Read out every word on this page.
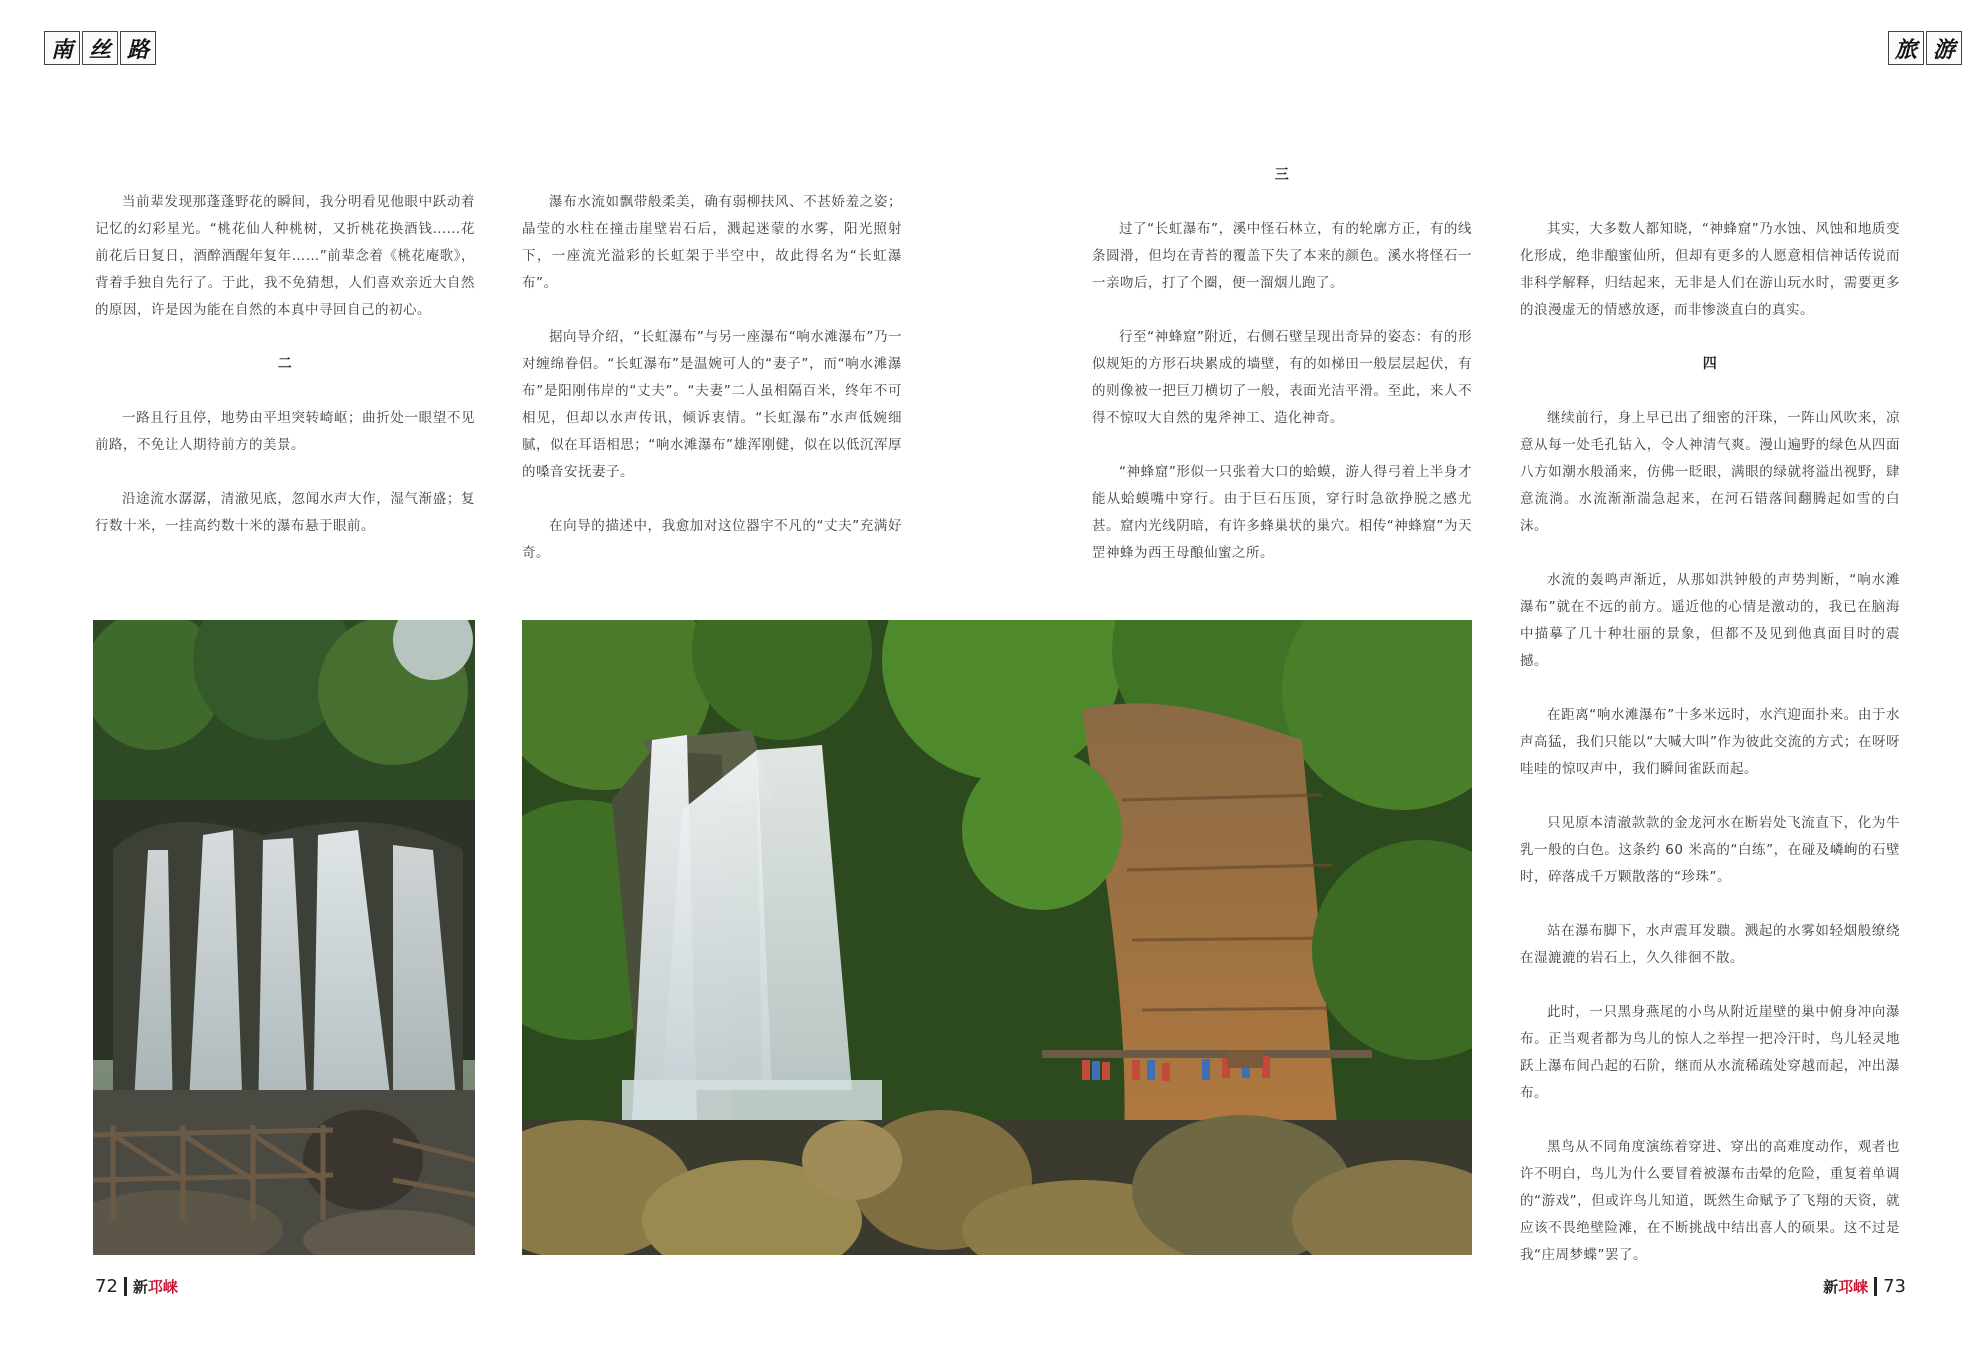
南 丝 路	旅 游

当前辈发现那蓬蓬野花的瞬间，我分明看见他眼中跃动着记忆的幻彩星光。“桃花仙人种桃树，又折桃花换酒钱……花前花后日复日，酒醉酒醒年复年……”前辈念着《桃花庵歌》，背着手独自先行了。于此，我不免猜想，人们喜欢亲近大自然的原因，许是因为能在自然的本真中寻回自己的初心。

二

一路且行且停，地势由平坦突转崎岖；曲折处一眼望不见前路，不免让人期待前方的美景。

沿途流水潺潺，清澈见底，忽闻水声大作，湿气渐盛；复行数十米，一挂高约数十米的瀑布悬于眼前。

瀑布水流如飘带般柔美，确有弱柳扶风、不甚娇羞之姿；晶莹的水柱在撞击崖壁岩石后，溅起迷蒙的水雾，阳光照射下，一座流光溢彩的长虹架于半空中，故此得名为“长虹瀑布”。

据向导介绍，“长虹瀑布”与另一座瀑布“响水滩瀑布”乃一对缠绵眷侣。“长虹瀑布”是温婉可人的“妻子”，而“响水滩瀑布”是阳刚伟岸的“丈夫”。“夫妻”二人虽相隔百米，终年不可相见，但却以水声传讯，倾诉衷情。“长虹瀑布”水声低婉细腻，似在耳语相思；“响水滩瀑布”雄浑刚健，似在以低沉浑厚的嗓音安抚妻子。

在向导的描述中，我愈加对这位器宇不凡的“丈夫”充满好奇。

三

过了“长虹瀑布”，溪中怪石林立，有的轮廓方正，有的线条圆滑，但均在青苔的覆盖下失了本来的颜色。溪水将怪石一一亲吻后，打了个圈，便一溜烟儿跑了。

行至“神蜂窟”附近，右侧石壁呈现出奇异的姿态：有的形似规矩的方形石块累成的墙壁，有的如梯田一般层层起伏，有的则像被一把巨刀横切了一般，表面光洁平滑。至此，来人不得不惊叹大自然的鬼斧神工、造化神奇。

“神蜂窟”形似一只张着大口的蛤蟆，游人得弓着上半身才能从蛤蟆嘴中穿行。由于巨石压顶，穿行时急欲挣脱之感尤甚。窟内光线阴暗，有许多蜂巢状的巢穴。相传“神蜂窟”为天罡神蜂为西王母酿仙蜜之所。

其实，大多数人都知晓，“神蜂窟”乃水蚀、风蚀和地质变化形成，绝非酿蜜仙所，但却有更多的人愿意相信神话传说而非科学解释，归结起来，无非是人们在游山玩水时，需要更多的浪漫虚无的情感放逐，而非惨淡直白的真实。

四

继续前行，身上早已出了细密的汗珠，一阵山风吹来，凉意从每一处毛孔钻入，令人神清气爽。漫山遍野的绿色从四面八方如潮水般涌来，仿佛一眨眼，满眼的绿就将溢出视野，肆意流淌。水流渐渐湍急起来，在河石错落间翻腾起如雪的白沫。

水流的轰鸣声渐近，从那如洪钟般的声势判断，“响水滩瀑布”就在不远的前方。遥近他的心情是激动的，我已在脑海中描摹了几十种壮丽的景象，但都不及见到他真面目时的震撼。

在距离“响水滩瀑布”十多米远时，水汽迎面扑来。由于水声高猛，我们只能以“大喊大叫”作为彼此交流的方式；在呀呀哇哇的惊叹声中，我们瞬间雀跃而起。

只见原本清澈款款的金龙河水在断岩处飞流直下，化为牛乳一般的白色。这条约 60 米高的“白练”，在碰及嶙峋的石壁时，碎落成千万颗散落的“珍珠”。

站在瀑布脚下，水声震耳发聩。溅起的水雾如轻烟般缭绕在湿漉漉的岩石上，久久徘徊不散。

此时，一只黑身燕尾的小鸟从附近崖壁的巢中俯身冲向瀑布。正当观者都为鸟儿的惊人之举捏一把冷汗时，鸟儿轻灵地跃上瀑布间凸起的石阶，继而从水流稀疏处穿越而起，冲出瀑布。

黑鸟从不同角度演练着穿进、穿出的高难度动作，观者也许不明白，鸟儿为什么要冒着被瀑布击晕的危险，重复着单调的“游戏”，但或许鸟儿知道，既然生命赋予了飞翔的天资，就应该不畏绝壁险滩，在不断挑战中结出喜人的硕果。这不过是我“庄周梦蝶”罢了。

72 新邛崃	新邛崃 73
